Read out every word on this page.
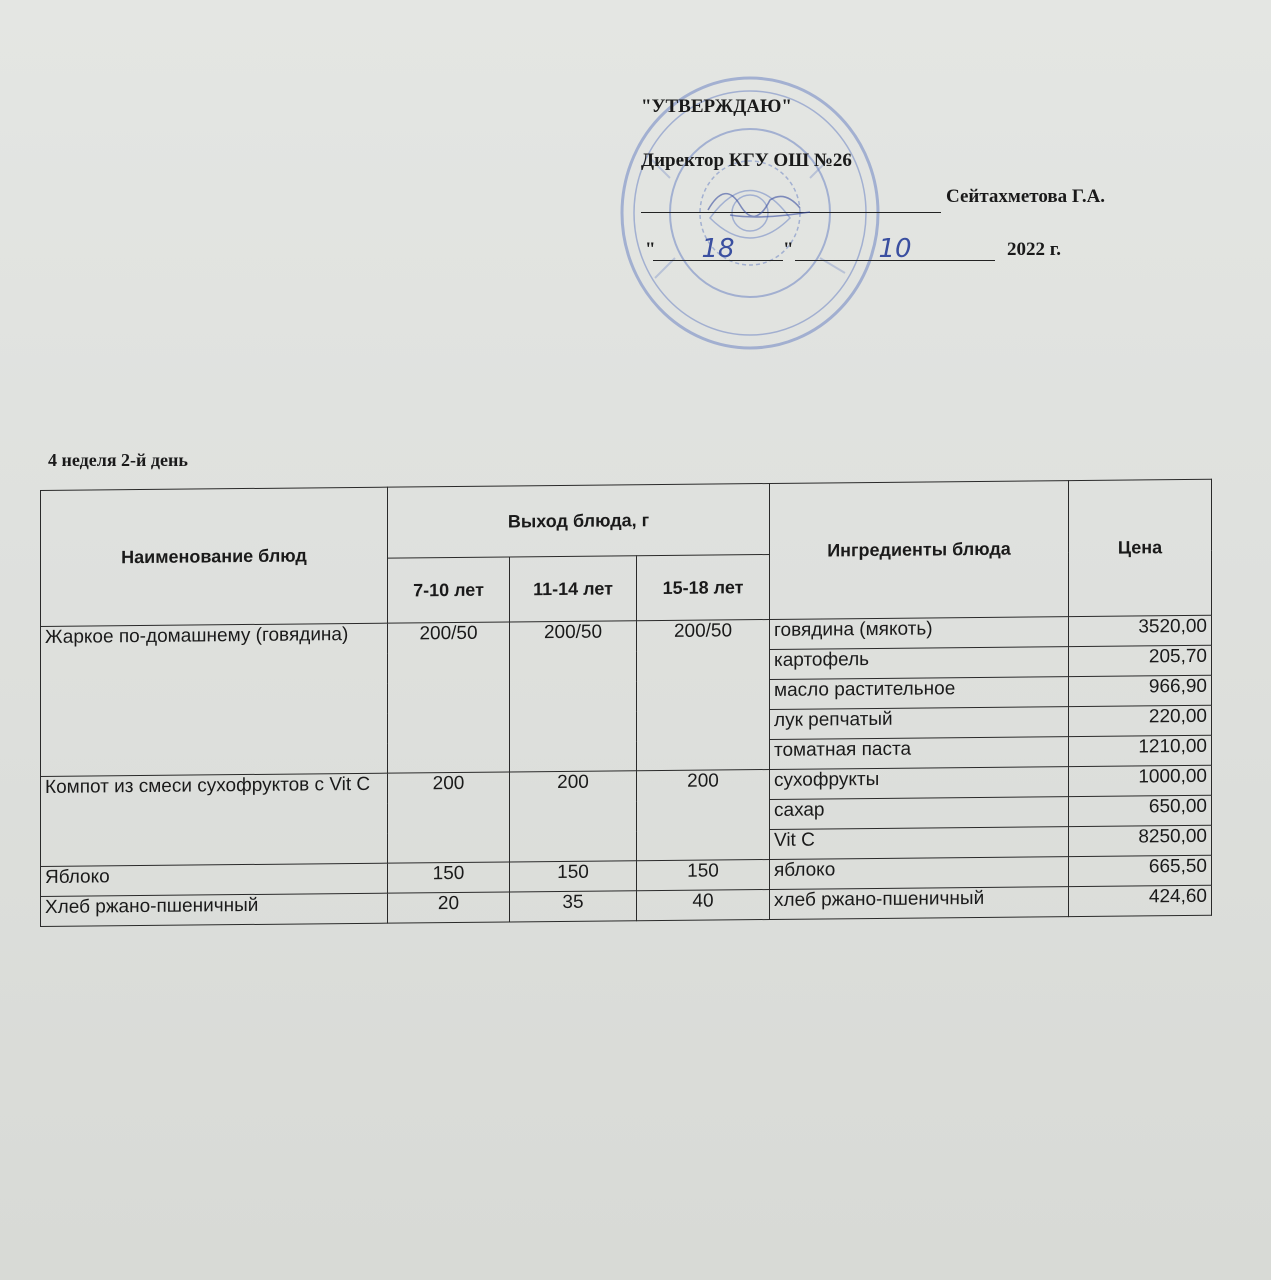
"УТВЕРЖДАЮ"
Директор КГУ ОШ №26
Сейтахметова Г.А.
"	18	"	10	2022 г.
4 неделя 2-й день
Наименование блюд	Выход блюда, г			Ингредиенты блюда	Цена
	7-10 лет	11-14 лет	15-18 лет		
Жаркое по-домашнему (говядина)	200/50	200/50	200/50	говядина (мякоть)	3520,00
				картофель	205,70
				масло растительное	966,90
				лук репчатый	220,00
				томатная паста	1210,00
Компот из смеси сухофруктов с Vit C	200	200	200	сухофрукты	1000,00
				сахар	650,00
				Vit C	8250,00
Яблоко	150	150	150	яблоко	665,50
Хлеб ржано-пшеничный	20	35	40	хлеб ржано-пшеничный	424,60
